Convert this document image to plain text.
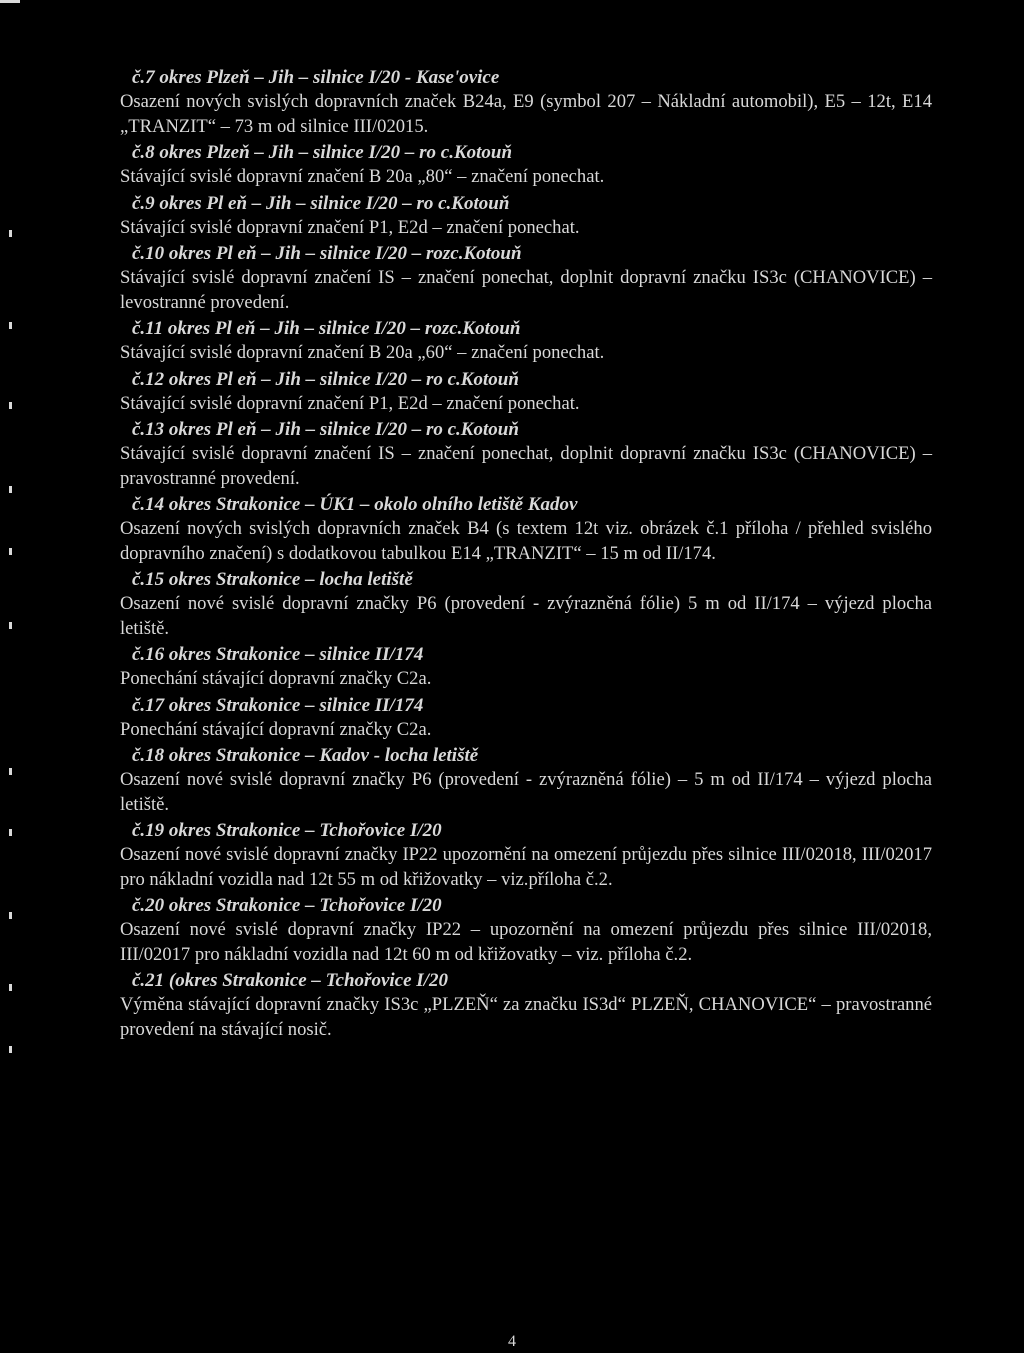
č.7 okres Plzeň – Jih – silnice I/20 - Kase'ovice

Osazení nových svislých dopravních značek B24a, E9 (symbol 207 – Nákladní automobil), E5 – 12t, E14 „TRANZIT“ – 73 m od silnice III/02015.

č.8 okres Plzeň – Jih – silnice I/20 – ro c.Kotouň

Stávající svislé dopravní značení B 20a „80“ – značení ponechat.

č.9 okres Pl eň – Jih – silnice I/20 – ro c.Kotouň

Stávající svislé dopravní značení P1, E2d – značení ponechat.

č.10 okres Pl eň – Jih – silnice I/20 – rozc.Kotouň

Stávající svislé dopravní značení IS – značení ponechat, doplnit dopravní značku IS3c (CHANOVICE) – levostranné provedení.

č.11 okres Pl eň – Jih – silnice I/20 – rozc.Kotouň

Stávající svislé dopravní značení B 20a „60“ – značení ponechat.

č.12 okres Pl eň – Jih – silnice I/20 – ro c.Kotouň

Stávající svislé dopravní značení P1, E2d – značení ponechat.

č.13 okres Pl eň – Jih – silnice I/20 – ro c.Kotouň

Stávající svislé dopravní značení IS – značení ponechat, doplnit dopravní značku IS3c (CHANOVICE) – pravostranné provedení.

č.14 okres Strakonice – ÚK1 – okolo olního letiště Kadov

Osazení nových svislých dopravních značek B4 (s textem 12t viz. obrázek č.1 příloha / přehled svislého dopravního značení) s dodatkovou tabulkou E14 „TRANZIT“ – 15 m od II/174.

č.15 okres Strakonice – locha letiště

Osazení nové svislé dopravní značky P6 (provedení - zvýrazněná fólie) 5 m od II/174 – výjezd plocha letiště.

č.16 okres Strakonice – silnice II/174

Ponechání stávající dopravní značky C2a.

č.17 okres Strakonice – silnice II/174

Ponechání stávající dopravní značky C2a.

č.18 okres Strakonice – Kadov - locha letiště

Osazení nové svislé dopravní značky P6 (provedení - zvýrazněná fólie) – 5 m od II/174 – výjezd plocha letiště.

č.19 okres Strakonice – Tchořovice I/20

Osazení nové svislé dopravní značky IP22 upozornění na omezení průjezdu přes silnice III/02018, III/02017 pro nákladní vozidla nad 12t 55 m od křižovatky – viz.příloha č.2.

č.20 okres Strakonice – Tchořovice I/20

Osazení nové svislé dopravní značky IP22 – upozornění na omezení průjezdu přes silnice III/02018, III/02017 pro nákladní vozidla nad 12t 60 m od křižovatky – viz. příloha č.2.

č.21 (okres Strakonice – Tchořovice I/20

Výměna stávající dopravní značky IS3c „PLZEŇ“ za značku IS3d“ PLZEŇ, CHANOVICE“ – pravostranné provedení na stávající nosič.

4
